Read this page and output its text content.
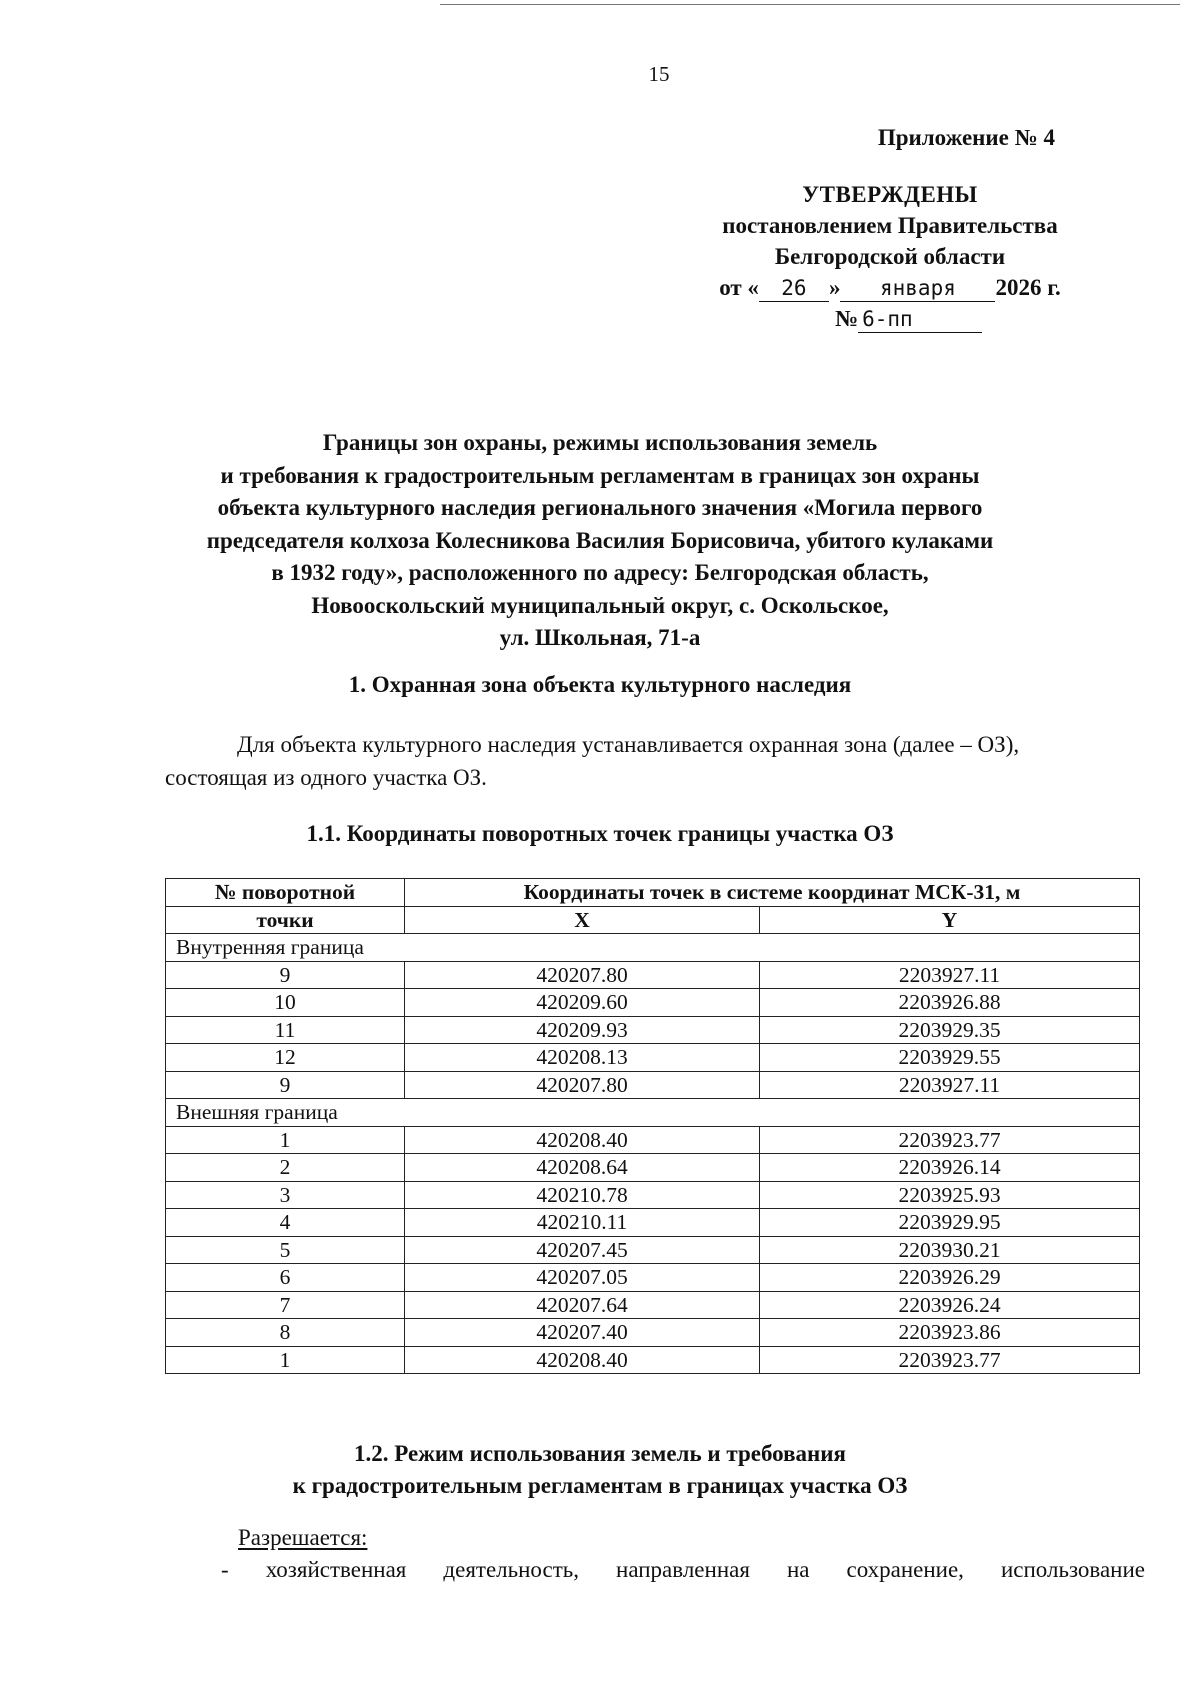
15
Приложение № 4
УТВЕРЖДЕНЫ
постановлением Правительства
Белгородской области
от « 26 » января 2026 г.
№ 6-пп
Границы зон охраны, режимы использования земель
и требования к градостроительным регламентам в границах зон охраны
объекта культурного наследия регионального значения «Могила первого
председателя колхоза Колесникова Василия Борисовича, убитого кулаками
в 1932 году», расположенного по адресу: Белгородская область,
Новооскольский муниципальный округ, с. Оскольское,
ул. Школьная, 71-а
1. Охранная зона объекта культурного наследия
Для объекта культурного наследия устанавливается охранная зона (далее – ОЗ),
состоящая из одного участка ОЗ.
1.1. Координаты поворотных точек границы участка ОЗ
№ поворотной	Координаты точек в системе координат МСК-31, м	
точки	X	Y
Внутренняя граница		
9	420207.80	2203927.11
10	420209.60	2203926.88
11	420209.93	2203929.35
12	420208.13	2203929.55
9	420207.80	2203927.11
Внешняя граница		
1	420208.40	2203923.77
2	420208.64	2203926.14
3	420210.78	2203925.93
4	420210.11	2203929.95
5	420207.45	2203930.21
6	420207.05	2203926.29
7	420207.64	2203926.24
8	420207.40	2203923.86
1	420208.40	2203923.77
1.2. Режим использования земель и требования
к градостроительным регламентам в границах участка ОЗ
Разрешается:
- хозяйственная деятельность, направленная на сохранение, использование
